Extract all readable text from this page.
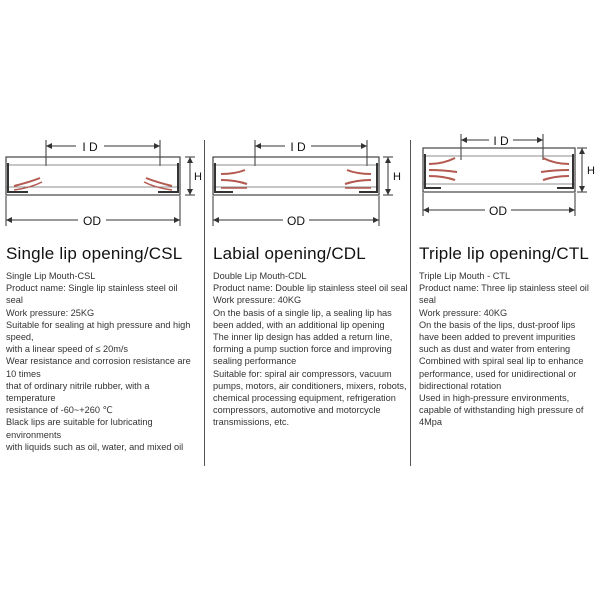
I D
H
OD
Single lip opening/CSL

Single Lip Mouth-CSL

Product name: Single lip stainless steel oil seal

Work pressure: 25KG

Suitable for sealing at high pressure and high speed,

with a linear speed of ≤ 20m/s

Wear resistance and corrosion resistance are 10 times

that of ordinary nitrile rubber, with a temperature

resistance of -60~+260 ℃

Black lips are suitable for lubricating environments

with liquids such as oil, water, and mixed oil

I D
H
OD
Labial opening/CDL

Double Lip Mouth-CDL

Product name: Double lip stainless steel oil seal

Work pressure: 40KG

On the basis of a single lip, a sealing lip has been added, with an additional lip opening

The inner lip design has added a return line, forming a pump suction force and improving sealing performance

Suitable for: spiral air compressors, vacuum pumps, motors, air conditioners, mixers, robots, chemical processing equipment, refrigeration compressors, automotive and motorcycle transmissions, etc.

I D
H
OD
Triple lip opening/CTL

Triple Lip Mouth - CTL

Product name: Three lip stainless steel oil seal

Work pressure: 40KG

On the basis of the lips, dust-proof lips have been added to prevent impurities such as dust and water from entering

Combined with spiral seal lip to enhance performance, used for unidirectional or bidirectional rotation

Used in high-pressure environments, capable of withstanding high pressure of 4Mpa
